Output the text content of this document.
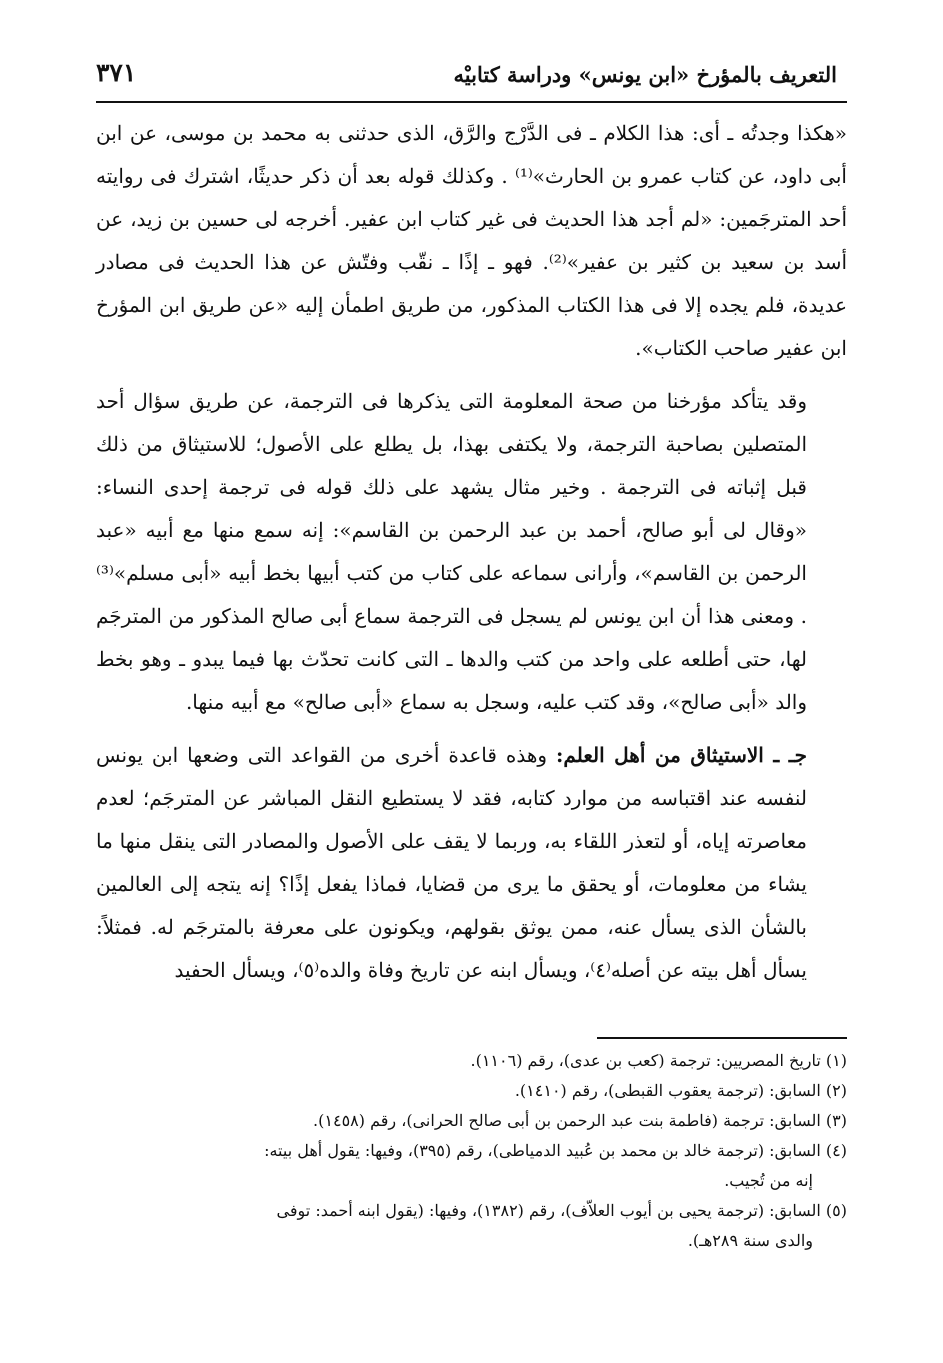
التعريف بالمؤرخ «ابن يونس» ودراسة كتابيْه
٣٧١

«هكذا وجدتُه ـ أى: هذا الكلام ـ فى الدَّرْج والرَّق، الذى حدثنى به محمد بن موسى، عن ابن أبى داود، عن كتاب عمرو بن الحارث»⁽¹⁾ . وكذلك قوله بعد أن ذكر حديثًا، اشترك فى روايته أحد المترجَمين: «لم أجد هذا الحديث فى غير كتاب ابن عفير. أخرجه لى حسين بن زيد، عن أسد بن سعيد بن كثير بن عفير»⁽²⁾. فهو ـ إذًا ـ نقّب وفتّش عن هذا الحديث فى مصادر عديدة، فلم يجده إلا فى هذا الكتاب المذكور، من طريق اطمأن إليه «عن طريق ابن المؤرخ ابن عفير صاحب الكتاب».

وقد يتأكد مؤرخنا من صحة المعلومة التى يذكرها فى الترجمة، عن طريق سؤال أحد المتصلين بصاحبة الترجمة، ولا يكتفى بهذا، بل يطلع على الأصول؛ للاستيثاق من ذلك قبل إثباته فى الترجمة . وخير مثال يشهد على ذلك قوله فى ترجمة إحدى النساء: «وقال لى أبو صالح، أحمد بن عبد الرحمن بن القاسم»: إنه سمع منها مع أبيه «عبد الرحمن بن القاسم»، وأرانى سماعه على كتاب من كتب أبيها بخط أبيه «أبى مسلم»⁽³⁾ . ومعنى هذا أن ابن يونس لم يسجل فى الترجمة سماع أبى صالح المذكور من المترجَم لها، حتى أطلعه على واحد من كتب والدها ـ التى كانت تحدّث بها فيما يبدو ـ وهو بخط والد «أبى صالح»، وقد كتب عليه، وسجل به سماع «أبى صالح» مع أبيه منها.

جـ ـ الاستيثاق من أهل العلم: وهذه قاعدة أخرى من القواعد التى وضعها ابن يونس لنفسه عند اقتباسه من موارد كتابه، فقد لا يستطيع النقل المباشر عن المترجَم؛ لعدم معاصرته إياه، أو لتعذر اللقاء به، وربما لا يقف على الأصول والمصادر التى ينقل منها ما يشاء من معلومات، أو يحقق ما يرى من قضايا، فماذا يفعل إذًا؟ إنه يتجه إلى العالمين بالشأن الذى يسأل عنه، ممن يوثق بقولهم، ويكونون على معرفة بالمترجَم له. فمثلاً: يسأل أهل بيته عن أصله⁽٤⁾، ويسأل ابنه عن تاريخ وفاة والده⁽٥⁾، ويسأل الحفيد

(١) تاريخ المصريين: ترجمة (كعب بن عدى)، رقم (١١٠٦).
(٢) السابق: (ترجمة يعقوب القبطى)، رقم (١٤١٠).
(٣) السابق: ترجمة (فاطمة بنت عبد الرحمن بن أبى صالح الحرانى)، رقم (١٤٥٨).
(٤) السابق: (ترجمة خالد بن محمد بن عُبيد الدمياطى)، رقم (٣٩٥)، وفيها: يقول أهل بيته:
إنه من تُجيب.
(٥) السابق: (ترجمة يحيى بن أيوب العلاّف)، رقم (١٣٨٢)، وفيها: (يقول ابنه أحمد: توفى
والدى سنة ٢٨٩هـ).
